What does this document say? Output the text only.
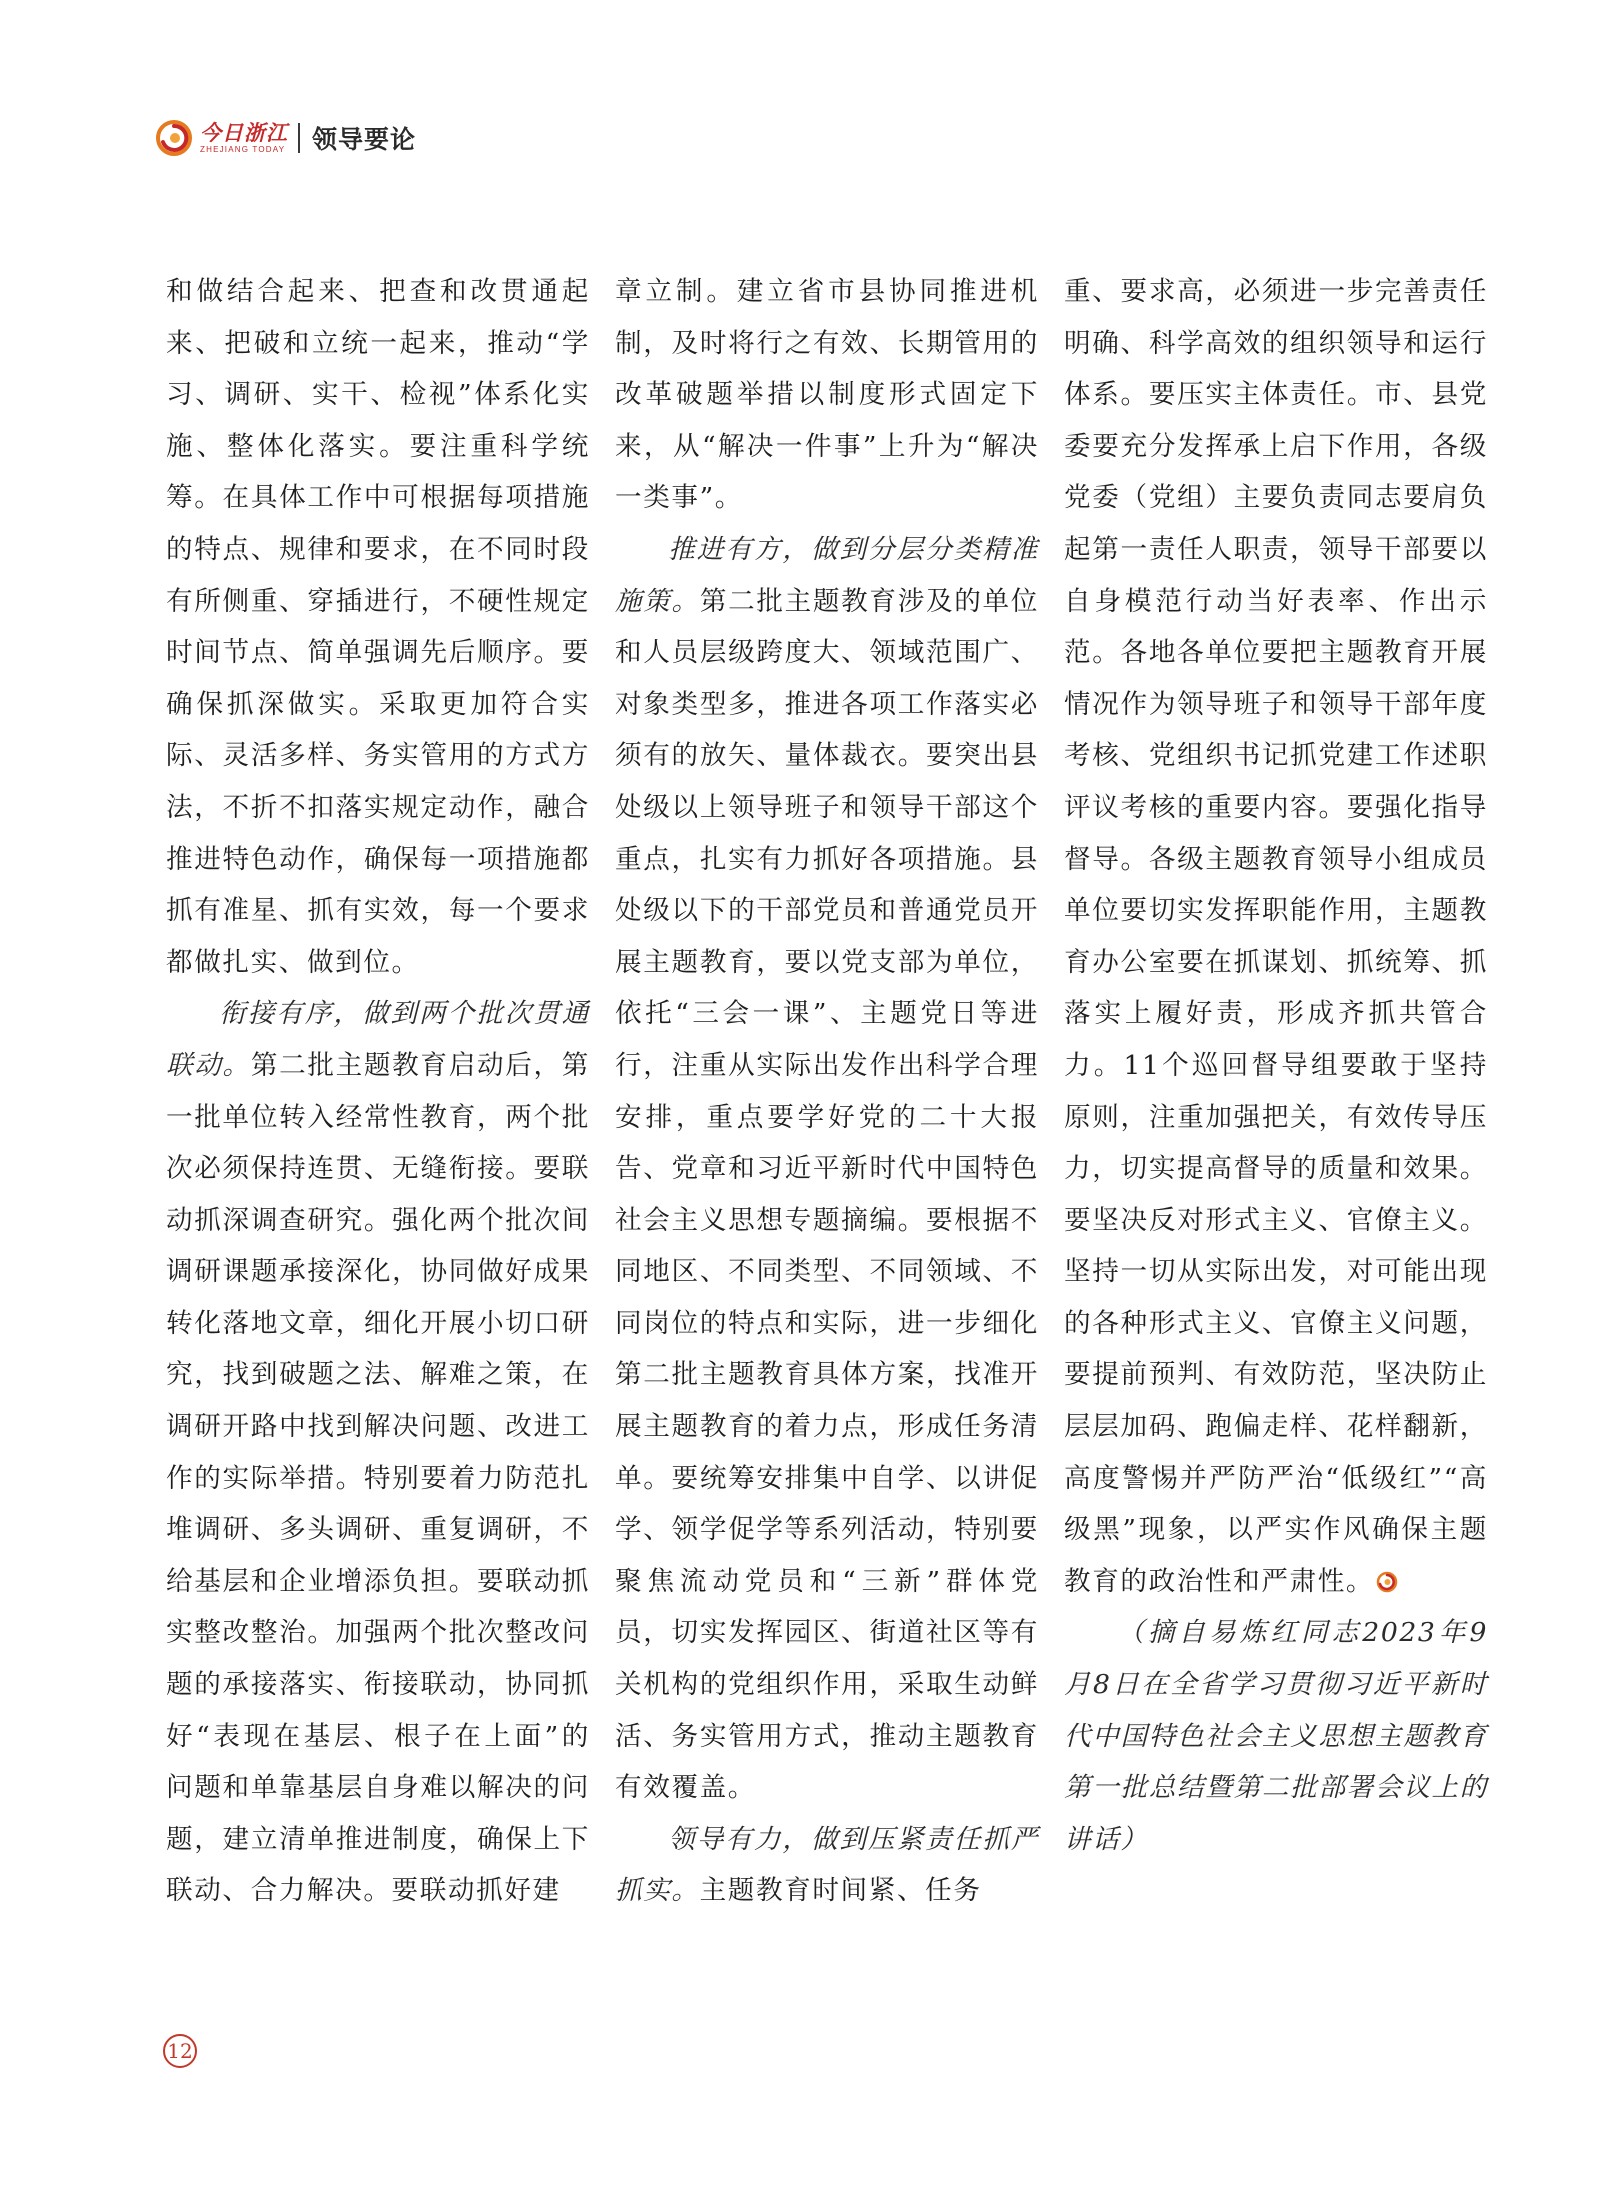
今日浙江
ZHEJIANG TODAY 领导要论

和做结合起来、把查和改贯通起来、把破和立统一起来，推动“学习、调研、实干、检视”体系化实施、整体化落实。要注重科学统筹。在具体工作中可根据每项措施的特点、规律和要求，在不同时段有所侧重、穿插进行，不硬性规定时间节点、简单强调先后顺序。要确保抓深做实。采取更加符合实际、灵活多样、务实管用的方式方法，不折不扣落实规定动作，融合推进特色动作，确保每一项措施都抓有准星、抓有实效，每一个要求都做扎实、做到位。

衔接有序，做到两个批次贯通联动。第二批主题教育启动后，第一批单位转入经常性教育，两个批次必须保持连贯、无缝衔接。要联动抓深调查研究。强化两个批次间调研课题承接深化，协同做好成果转化落地文章，细化开展小切口研究，找到破题之法、解难之策，在调研开路中找到解决问题、改进工作的实际举措。特别要着力防范扎堆调研、多头调研、重复调研，不给基层和企业增添负担。要联动抓实整改整治。加强两个批次整改问题的承接落实、衔接联动，协同抓好“表现在基层、根子在上面”的问题和单靠基层自身难以解决的问题，建立清单推进制度，确保上下联动、合力解决。要联动抓好建

章立制。建立省市县协同推进机制，及时将行之有效、长期管用的改革破题举措以制度形式固定下来，从“解决一件事”上升为“解决一类事”。

推进有方，做到分层分类精准施策。第二批主题教育涉及的单位和人员层级跨度大、领域范围广、对象类型多，推进各项工作落实必须有的放矢、量体裁衣。要突出县处级以上领导班子和领导干部这个重点，扎实有力抓好各项措施。县处级以下的干部党员和普通党员开展主题教育，要以党支部为单位，依托“三会一课”、主题党日等进行，注重从实际出发作出科学合理安排，重点要学好党的二十大报告、党章和习近平新时代中国特色社会主义思想专题摘编。要根据不同地区、不同类型、不同领域、不同岗位的特点和实际，进一步细化第二批主题教育具体方案，找准开展主题教育的着力点，形成任务清单。要统筹安排集中自学、以讲促学、领学促学等系列活动，特别要聚焦流动党员和“三新”群体党员，切实发挥园区、街道社区等有关机构的党组织作用，采取生动鲜活、务实管用方式，推动主题教育有效覆盖。

领导有力，做到压紧责任抓严抓实。主题教育时间紧、任务

重、要求高，必须进一步完善责任明确、科学高效的组织领导和运行体系。要压实主体责任。市、县党委要充分发挥承上启下作用，各级党委（党组）主要负责同志要肩负起第一责任人职责，领导干部要以自身模范行动当好表率、作出示范。各地各单位要把主题教育开展情况作为领导班子和领导干部年度考核、党组织书记抓党建工作述职评议考核的重要内容。要强化指导督导。各级主题教育领导小组成员单位要切实发挥职能作用，主题教育办公室要在抓谋划、抓统筹、抓落实上履好责，形成齐抓共管合力。11个巡回督导组要敢于坚持原则，注重加强把关，有效传导压力，切实提高督导的质量和效果。要坚决反对形式主义、官僚主义。坚持一切从实际出发，对可能出现的各种形式主义、官僚主义问题，要提前预判、有效防范，坚决防止层层加码、跑偏走样、花样翻新，高度警惕并严防严治“低级红”“高级黑”现象，以严实作风确保主题教育的政治性和严肃性。

（摘自易炼红同志2023年9月8日在全省学习贯彻习近平新时代中国特色社会主义思想主题教育第一批总结暨第二批部署会议上的讲话）

12
